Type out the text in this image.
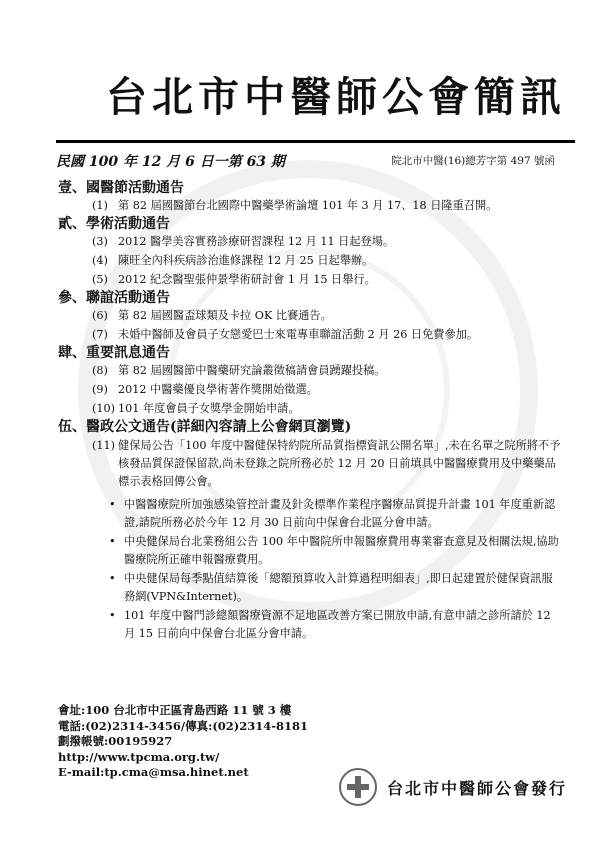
台北市中醫師公會簡訊
民國 100 年 12 月 6 日一第 63 期	院北市中醫(16)總芳字第 497 號函
壹、國醫節活動通告
(1) 第 82 屆國醫節台北國際中醫藥學術論壇 101 年 3 月 17、18 日隆重召開。
貳、學術活動通告
(3) 2012 醫學美容實務診療研習課程 12 月 11 日起登場。
(4) 陳旺全內科疾病診治進修課程 12 月 25 日起舉辦。
(5) 2012 紀念醫聖張仲景學術研討會 1 月 15 日舉行。
參、聯誼活動通告
(6) 第 82 屆國醫盃球類及卡拉 OK 比賽通告。
(7) 未婚中醫師及會員子女戀愛巴士來電專車聯誼活動 2 月 26 日免費參加。
肆、重要訊息通告
(8) 第 82 屆國醫節中醫藥研究論叢徵稿請會員踴躍投稿。
(9) 2012 中醫藥優良學術著作獎開始徵選。
(10) 101 年度會員子女獎學金開始申請。
伍、醫政公文通告(詳細內容請上公會網頁瀏覽)
(11) 健保局公告「100 年度中醫健保特約院所品質指標資訊公開名單」,未在名單之院所將不予核發品質保證保留款,尚未登錄之院所務必於 12 月 20 日前填具中醫醫療費用及中藥藥品標示表格回傳公會。
• 中醫醫療院所加強感染管控計畫及針灸標準作業程序醫療品質提升計畫 101 年度重新認證,請院所務必於今年 12 月 30 日前向中保會台北區分會申請。
• 中央健保局台北業務組公告 100 年中醫院所申報醫療費用專業審查意見及相關法規,協助醫療院所正確申報醫療費用。
• 中央健保局每季點值結算後「總額預算收入計算過程明細表」,即日起建置於健保資訊服務網(VPN&Internet)。
• 101 年度中醫門診總額醫療資源不足地區改善方案已開放申請,有意申請之診所請於 12 月 15 日前向中保會台北區分會申請。
會址:100 台北市中正區青島西路 11 號 3 樓
電話:(02)2314-3456/傳真:(02)2314-8181
劃撥帳號:00195927
http://www.tpcma.org.tw/
E-mail:tp.cma@msa.hinet.net
台北市中醫師公會發行
